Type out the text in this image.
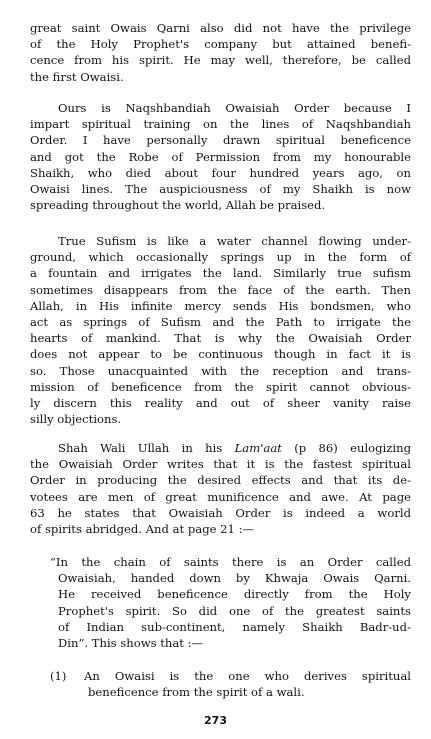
great saint Owais Qarni also did not have the privilege
of the Holy Prophet's company but attained benefi-
cence from his spirit. He may well, therefore, be called
the first Owaisi.
Ours is Naqshbandiah Owaisiah Order because I
impart spiritual training on the lines of Naqshbandiah
Order. I have personally drawn spiritual beneficence
and got the Robe of Permission from my honourable
Shaikh, who died about four hundred years ago, on
Owaisi lines. The auspiciousness of my Shaikh is now
spreading throughout the world, Allah be praised.
True Sufism is like a water channel flowing under-
ground, which occasionally springs up in the form of
a fountain and irrigates the land. Similarly true sufism
sometimes disappears from the face of the earth. Then
Allah, in His infinite mercy sends His bondsmen, who
act as springs of Sufism and the Path to irrigate the
hearts of mankind. That is why the Owaisiah Order
does not appear to be continuous though in fact it is
so. Those unacquainted with the reception and trans-
mission of beneficence from the spirit cannot obvious-
ly discern this reality and out of sheer vanity raise
silly objections.
Shah Wali Ullah in his Lam'aat (p 86) eulogizing
the Owaisiah Order writes that it is the fastest spiritual
Order in producing the desired effects and that its de-
votees are men of great munificence and awe. At page
63 he states that Owaisiah Order is indeed a world
of spirits abridged. And at page 21 :—
“In the chain of saints there is an Order called
Owaisiah, handed down by Khwaja Owais Qarni.
He received beneficence directly from the Holy
Prophet's spirit. So did one of the greatest saints
of Indian sub-continent, namely Shaikh Badr-ud-
Din”. This shows that :—
(1) An Owaisi is the one who derives spiritual
beneficence from the spirit of a wali.
273
